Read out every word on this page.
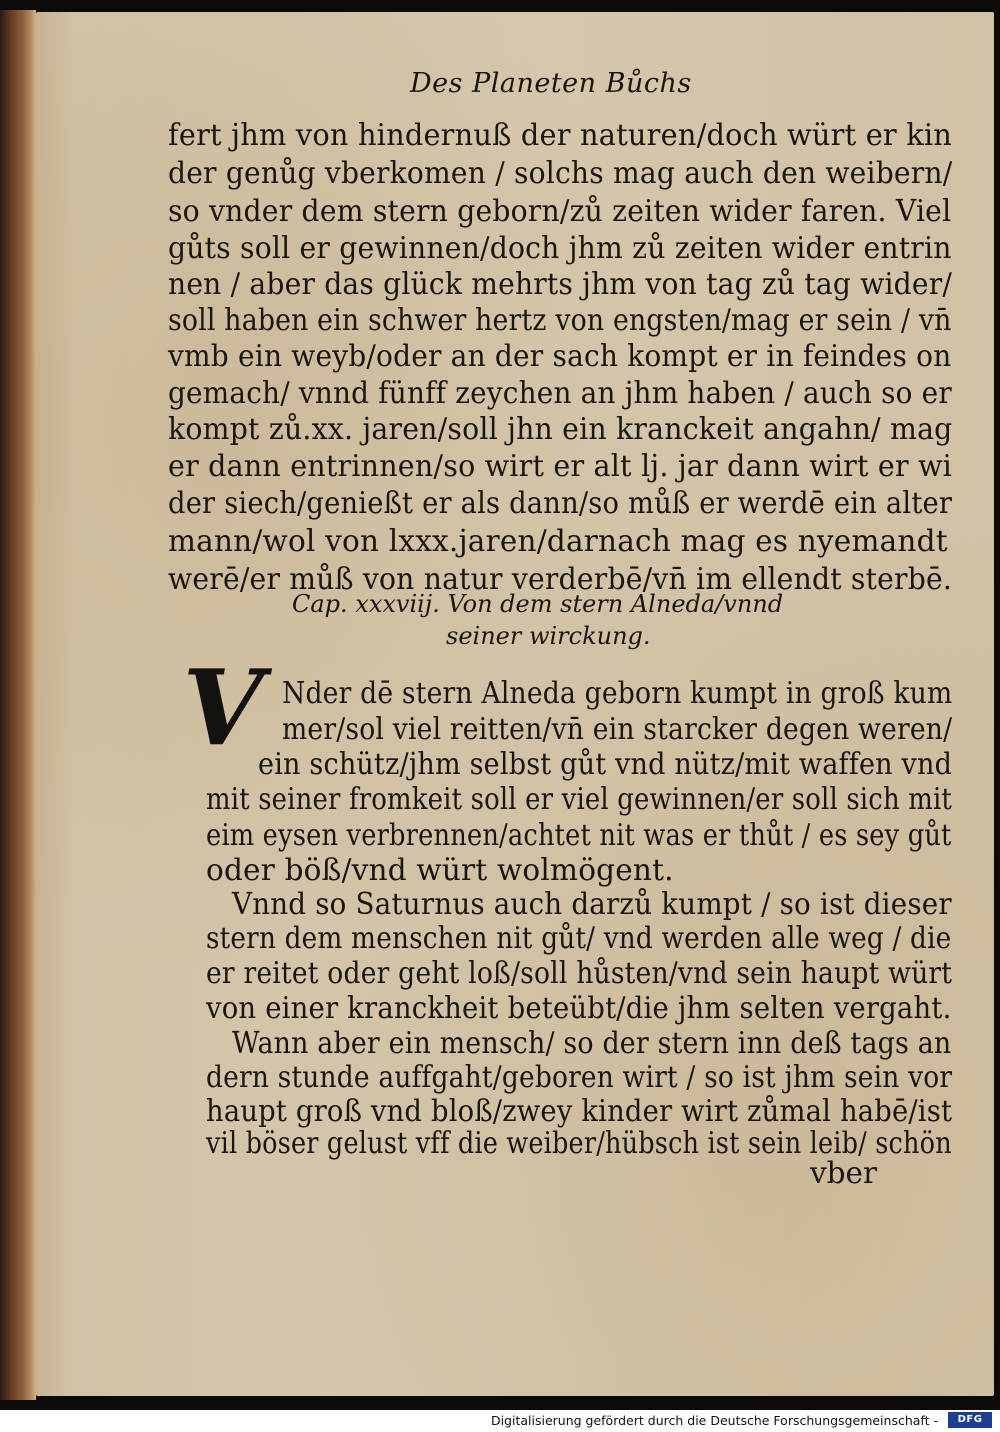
Des Planeten Bůchs
fert jhm von hindernuß der naturen/doch würt er kin
der genůg vberkomen / solchs mag auch den weibern/
so vnder dem stern geborn/zů zeiten wider faren. Viel
gůts soll er gewinnen/doch jhm zů zeiten wider entrin
nen / aber das glück mehrts jhm von tag zů tag wider/
soll haben ein schwer hertz von engsten/mag er sein / vn̄
vmb ein weyb/oder an der sach kompt er in feindes on
gemach/ vnnd fünff zeychen an jhm haben / auch so er
kompt zů.xx. jaren/soll jhn ein kranckeit angahn/ mag
er dann entrinnen/so wirt er alt lj. jar dann wirt er wi
der siech/genießt er als dann/so můß er werdē ein alter
mann/wol von lxxx.jaren/darnach mag es nyemandt
werē/er můß von natur verderbē/vn̄ im ellendt sterbē.
Cap. xxxviij. Von dem stern Alneda/vnnd
seiner wirckung.
V Nder dē stern Alneda geborn kumpt in groß kum
mer/sol viel reitten/vn̄ ein starcker degen weren/
ein schütz/jhm selbst gůt vnd nütz/mit waffen vnd
mit seiner fromkeit soll er viel gewinnen/er soll sich mit
eim eysen verbrennen/achtet nit was er thůt / es sey gůt
oder böß/vnd würt wolmögent.
Vnnd so Saturnus auch darzů kumpt / so ist dieser
stern dem menschen nit gůt/ vnd werden alle weg / die
er reitet oder geht loß/soll hůsten/vnd sein haupt würt
von einer kranckheit beteübt/die jhm selten vergaht.
Wann aber ein mensch/ so der stern inn deß tags an
dern stunde auffgaht/geboren wirt / so ist jhm sein vor
haupt groß vnd bloß/zwey kinder wirt zůmal habē/ist
vil böser gelust vff die weiber/hübsch ist sein leib/ schön
vber
Digitalisierung gefördert durch die Deutsche Forschungsgemeinschaft -	DFG
